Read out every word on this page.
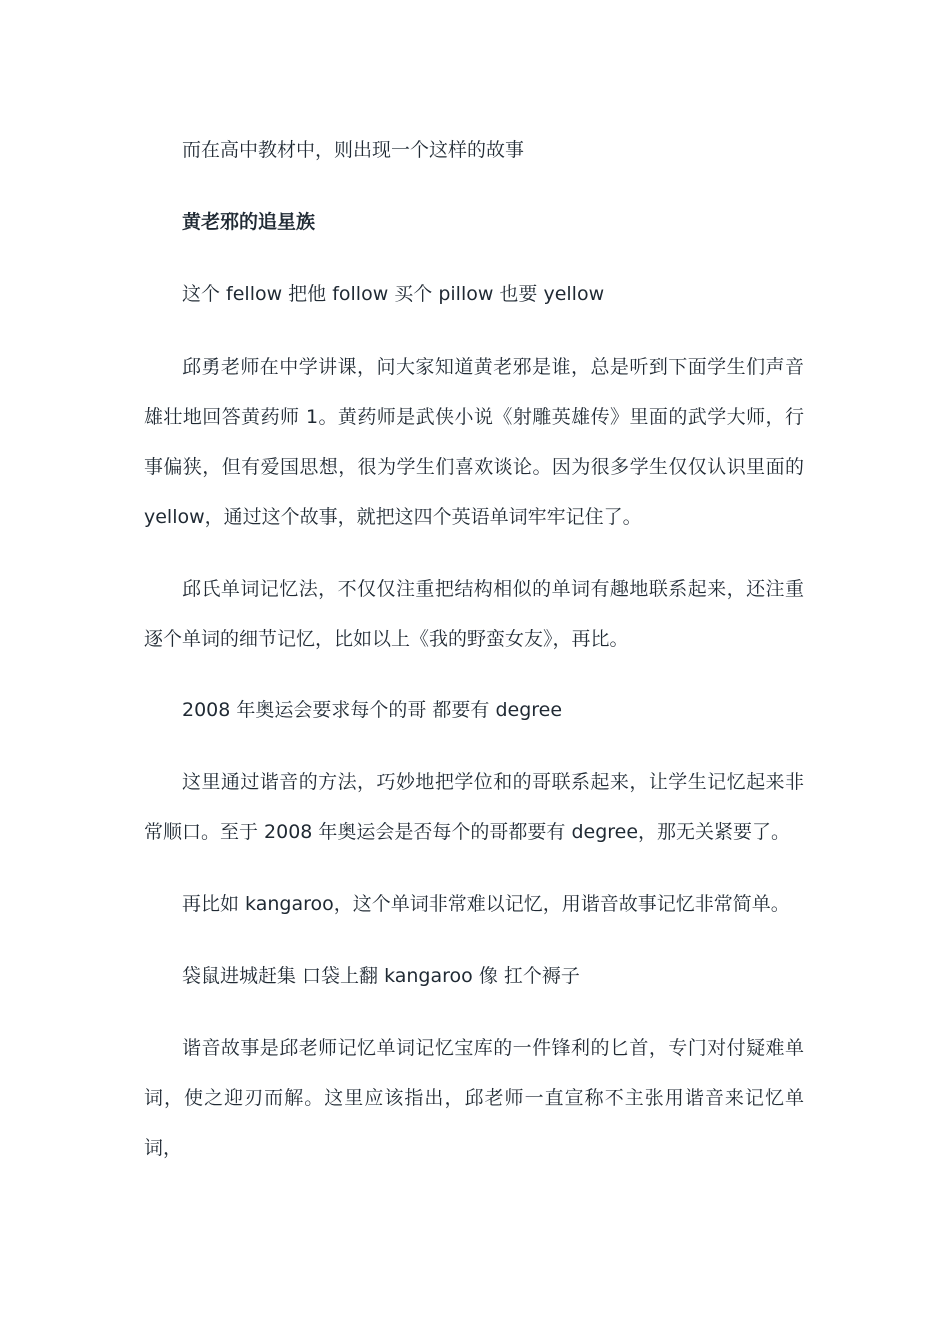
而在高中教材中，则出现一个这样的故事

黄老邪的追星族

这个 fellow 把他 follow 买个 pillow 也要 yellow

邱勇老师在中学讲课，问大家知道黄老邪是谁，总是听到下面学生们声音雄壮地回答黄药师 1。黄药师是武侠小说《射雕英雄传》里面的武学大师，行事偏狭，但有爱国思想，很为学生们喜欢谈论。因为很多学生仅仅认识里面的 yellow，通过这个故事，就把这四个英语单词牢牢记住了。

邱氏单词记忆法，不仅仅注重把结构相似的单词有趣地联系起来，还注重逐个单词的细节记忆，比如以上《我的野蛮女友》，再比。

2008 年奥运会要求每个的哥 都要有 degree

这里通过谐音的方法，巧妙地把学位和的哥联系起来，让学生记忆起来非常顺口。至于 2008 年奥运会是否每个的哥都要有 degree，那无关紧要了。

再比如 kangaroo，这个单词非常难以记忆，用谐音故事记忆非常简单。

袋鼠进城赶集 口袋上翻 kangaroo 像 扛个褥子

谐音故事是邱老师记忆单词记忆宝库的一件锋利的匕首，专门对付疑难单词，使之迎刃而解。这里应该指出，邱老师一直宣称不主张用谐音来记忆单词，
